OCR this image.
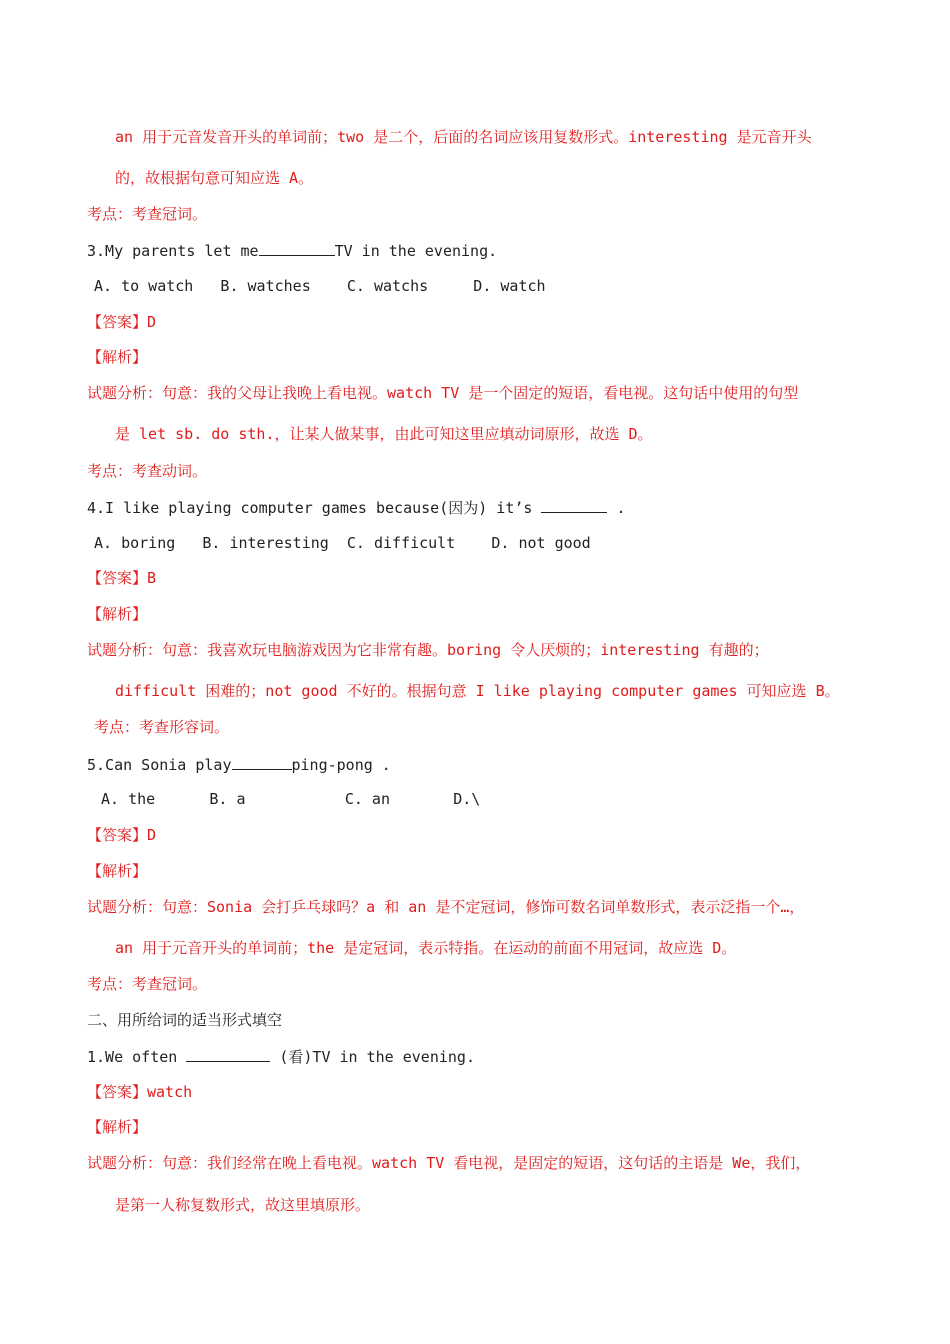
an 用于元音发音开头的单词前；two 是二个，后面的名词应该用复数形式。interesting 是元音开头
的，故根据句意可知应选 A。
考点：考查冠词。
3.My parents let me	TV in the evening.
A. to watch   B. watches    C. watchs     D. watch
【答案】D
【解析】
试题分析：句意：我的父母让我晚上看电视。watch TV 是一个固定的短语，看电视。这句话中使用的句型
是 let sb. do sth.，让某人做某事，由此可知这里应填动词原形，故选 D。
考点：考查动词。
4.I like playing computer games because(因为) it’s	.
A. boring   B. interesting  C. difficult    D. not good
【答案】B
【解析】
试题分析：句意：我喜欢玩电脑游戏因为它非常有趣。boring 令人厌烦的；interesting 有趣的；
difficult 困难的；not good 不好的。根据句意 I like playing computer games 可知应选 B。
考点：考查形容词。
5.Can Sonia play	ping-pong .
A. the      B. a           C. an       D.\
【答案】D
【解析】
试题分析：句意：Sonia 会打乒乓球吗？a 和 an 是不定冠词，修饰可数名词单数形式，表示泛指一个…，
an 用于元音开头的单词前；the 是定冠词，表示特指。在运动的前面不用冠词，故应选 D。
考点：考查冠词。
二、用所给词的适当形式填空
1.We often	(看)TV in the evening.
【答案】watch
【解析】
试题分析：句意：我们经常在晚上看电视。watch TV 看电视，是固定的短语，这句话的主语是 We，我们，
是第一人称复数形式，故这里填原形。
